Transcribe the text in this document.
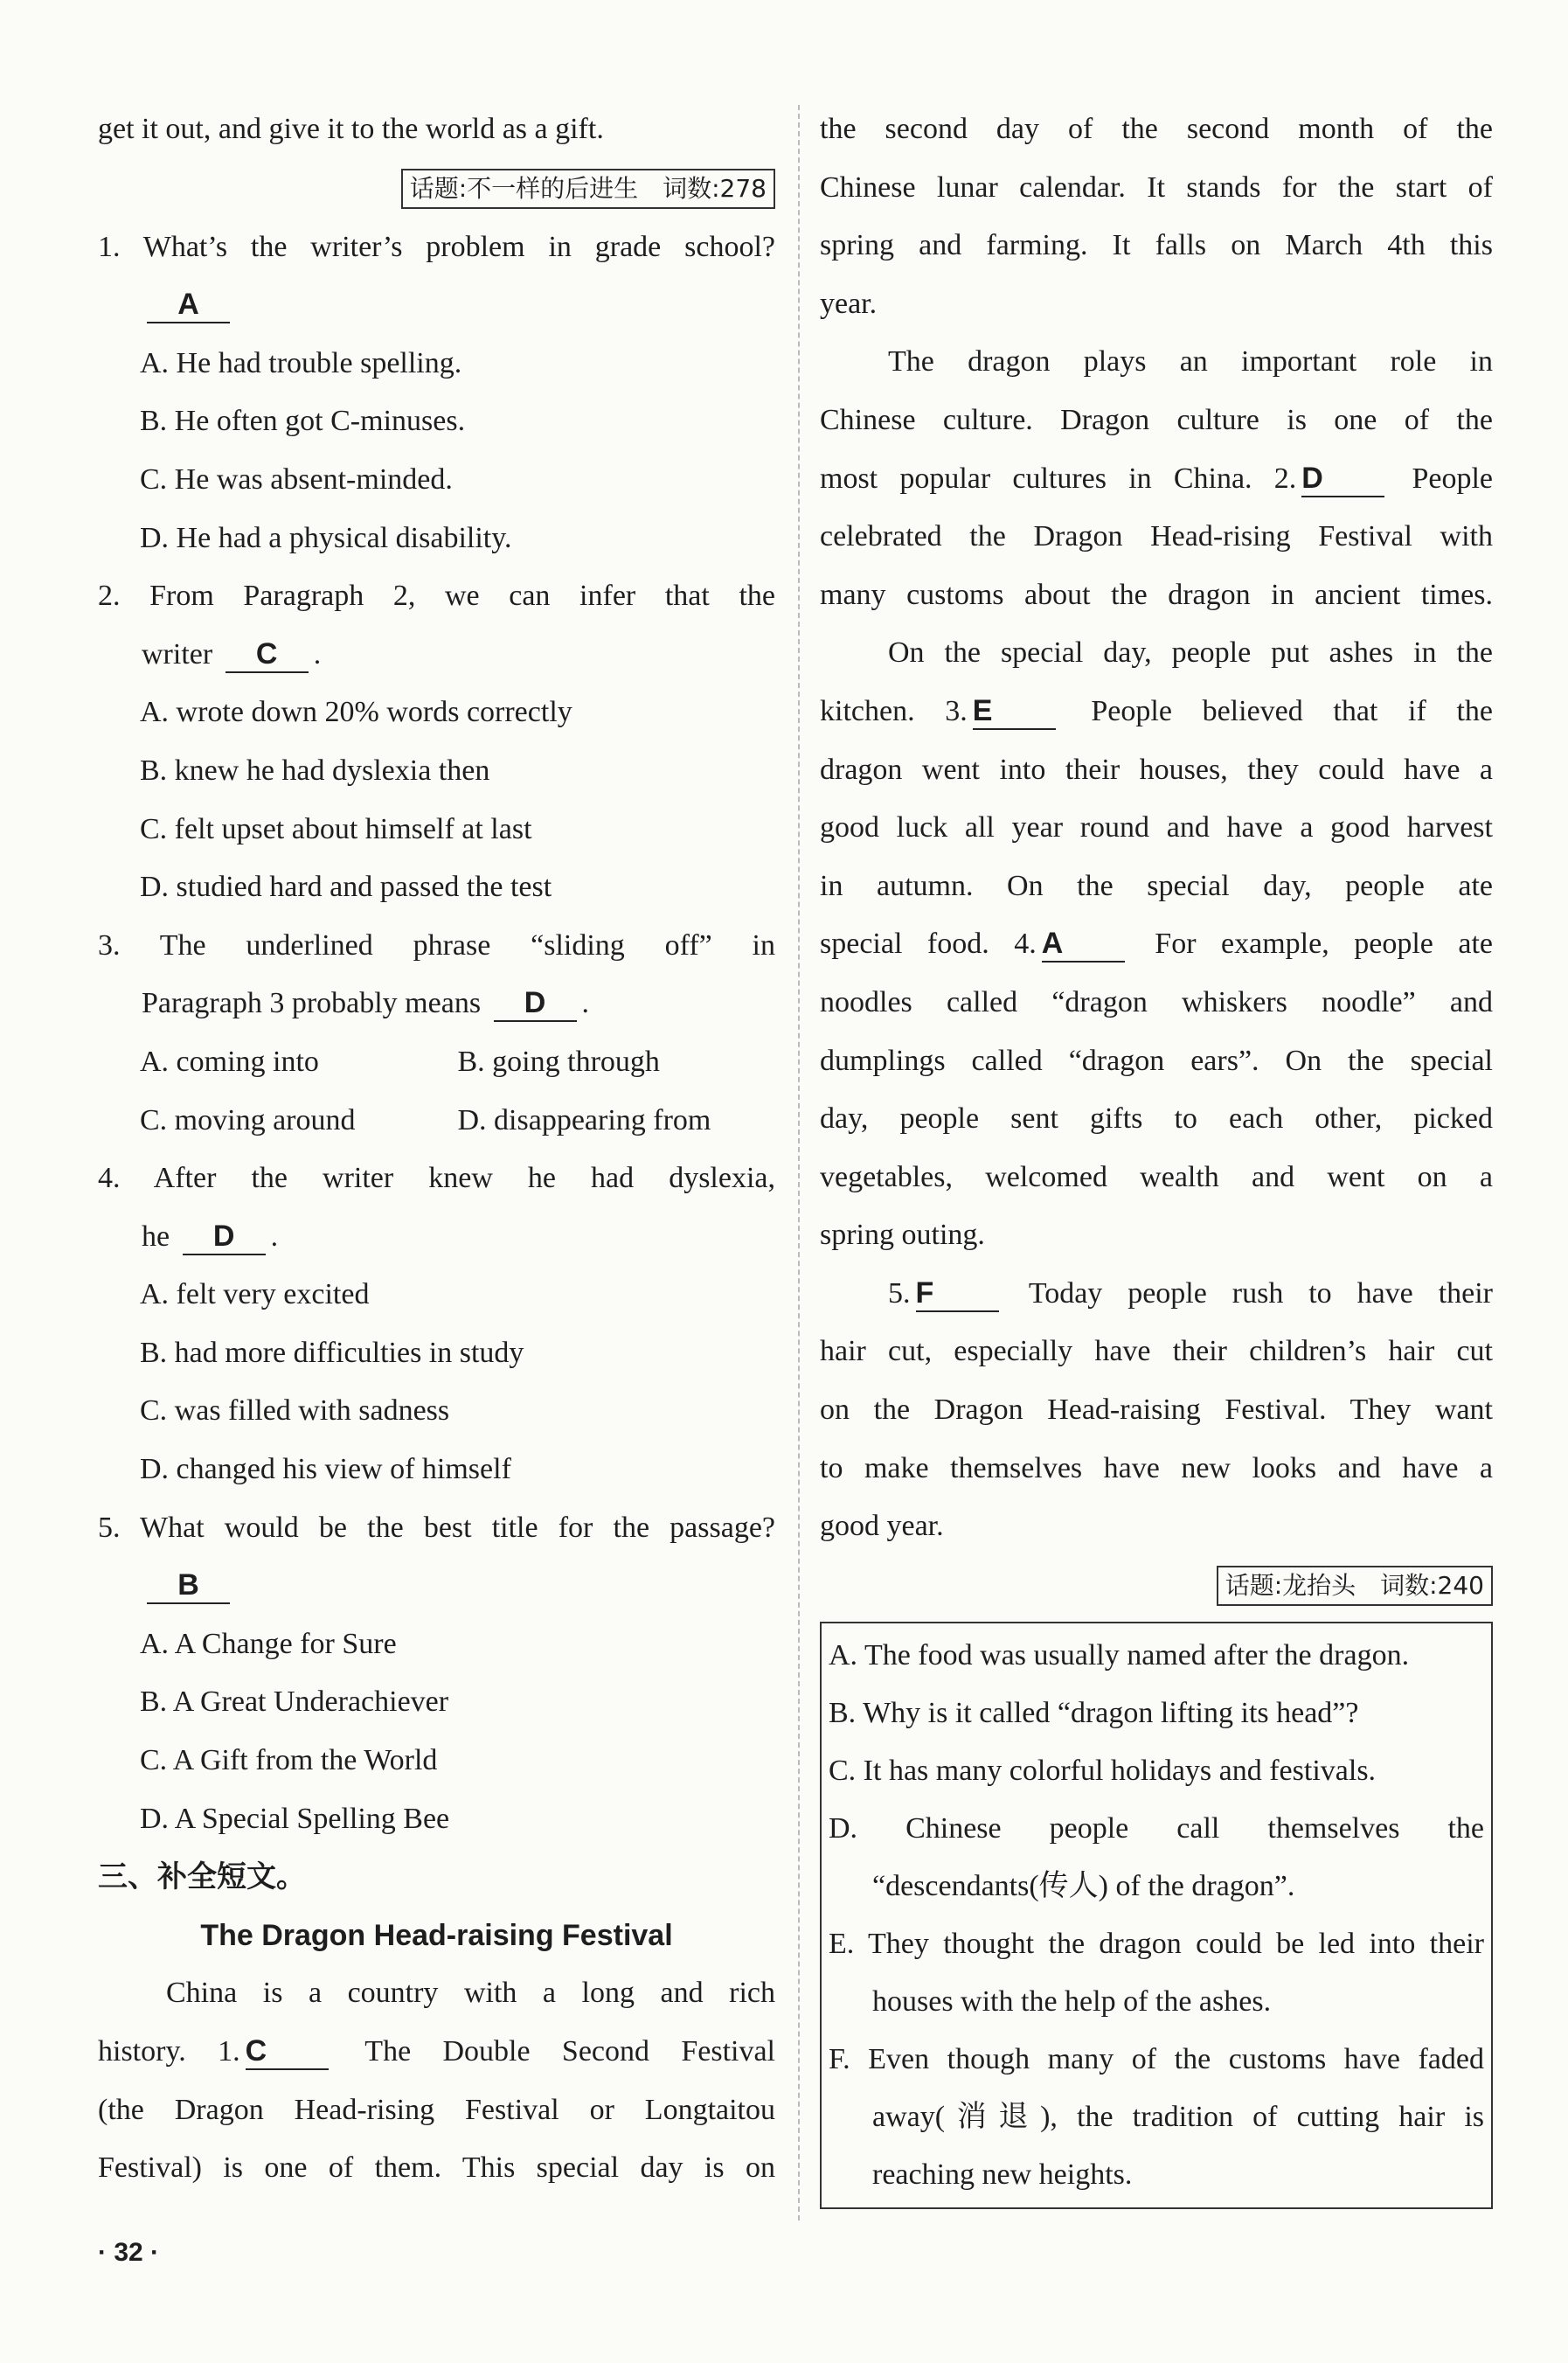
get it out, and give it to the world as a gift.
话题:不一样的后进生　词数:278
1. What’s the writer’s problem in grade school?
A
A. He had trouble spelling.
B. He often got C-minuses.
C. He was absent-minded.
D. He had a physical disability.
2. From Paragraph 2, we can infer that the
writer C .
A. wrote down 20% words correctly
B. knew he had dyslexia then
C. felt upset about himself at last
D. studied hard and passed the test
3. The underlined phrase “sliding off” in
Paragraph 3 probably means D .
A. coming into	B. going through
C. moving around	D. disappearing from
4. After the writer knew he had dyslexia,
he D .
A. felt very excited
B. had more difficulties in study
C. was filled with sadness
D. changed his view of himself
5. What would be the best title for the passage?
B
A. A Change for Sure
B. A Great Underachiever
C. A Gift from the World
D. A Special Spelling Bee
三、补全短文。
The Dragon Head-raising Festival
China is a country with a long and rich
history. 1. C	The Double Second Festival
(the Dragon Head-rising Festival or Longtaitou
Festival) is one of them. This special day is on
the second day of the second month of the
Chinese lunar calendar. It stands for the start of
spring and farming. It falls on March 4th this
year.
The dragon plays an important role in
Chinese culture. Dragon culture is one of the
most popular cultures in China. 2. D	People
celebrated the Dragon Head-rising Festival with
many customs about the dragon in ancient times.
On the special day, people put ashes in the
kitchen. 3. E	People believed that if the
dragon went into their houses, they could have a
good luck all year round and have a good harvest
in autumn. On the special day, people ate
special food. 4. A	For example, people ate
noodles called “dragon whiskers noodle” and
dumplings called “dragon ears”. On the special
day, people sent gifts to each other, picked
vegetables, welcomed wealth and went on a
spring outing.
5. F	Today people rush to have their
hair cut, especially have their children’s hair cut
on the Dragon Head-raising Festival. They want
to make themselves have new looks and have a
good year.
话题:龙抬头　词数:240
A. The food was usually named after the dragon.
B. Why is it called “dragon lifting its head”?
C. It has many colorful holidays and festivals.
D. Chinese people call themselves the “descendants(传人) of the dragon”.
E. They thought the dragon could be led into their houses with the help of the ashes.
F. Even though many of the customs have faded away(消退), the tradition of cutting hair is reaching new heights.
· 32 ·
